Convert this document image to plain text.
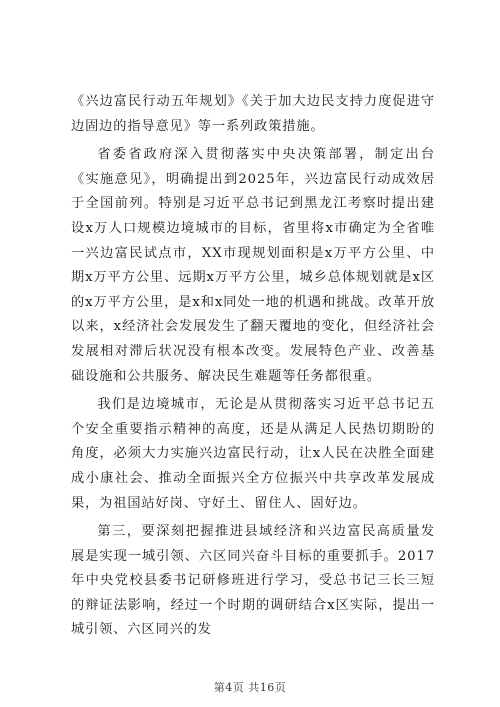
《兴边富民行动五年规划》《关于加大边民支持力度促进守边固边的指导意见》等一系列政策措施。

省委省政府深入贯彻落实中央决策部署，制定出台《实施意见》，明确提出到2025年，兴边富民行动成效居于全国前列。特别是习近平总书记到黑龙江考察时提出建设x万人口规模边境城市的目标，省里将x市确定为全省唯一兴边富民试点市，XX市现规划面积是x万平方公里、中期x万平方公里、远期x万平方公里，城乡总体规划就是x区的x万平方公里，是x和x同处一地的机遇和挑战。改革开放以来，x经济社会发展发生了翻天覆地的变化，但经济社会发展相对滞后状况没有根本改变。发展特色产业、改善基础设施和公共服务、解决民生难题等任务都很重。

我们是边境城市，无论是从贯彻落实习近平总书记五个安全重要指示精神的高度，还是从满足人民热切期盼的角度，必须大力实施兴边富民行动，让x人民在决胜全面建成小康社会、推动全面振兴全方位振兴中共享改革发展成果，为祖国站好岗、守好土、留住人、固好边。

第三，要深刻把握推进县域经济和兴边富民高质量发展是实现一城引领、六区同兴奋斗目标的重要抓手。2017年中央党校县委书记研修班进行学习，受总书记三长三短的辩证法影响，经过一个时期的调研结合x区实际，提出一城引领、六区同兴的发

第4页 共16页
